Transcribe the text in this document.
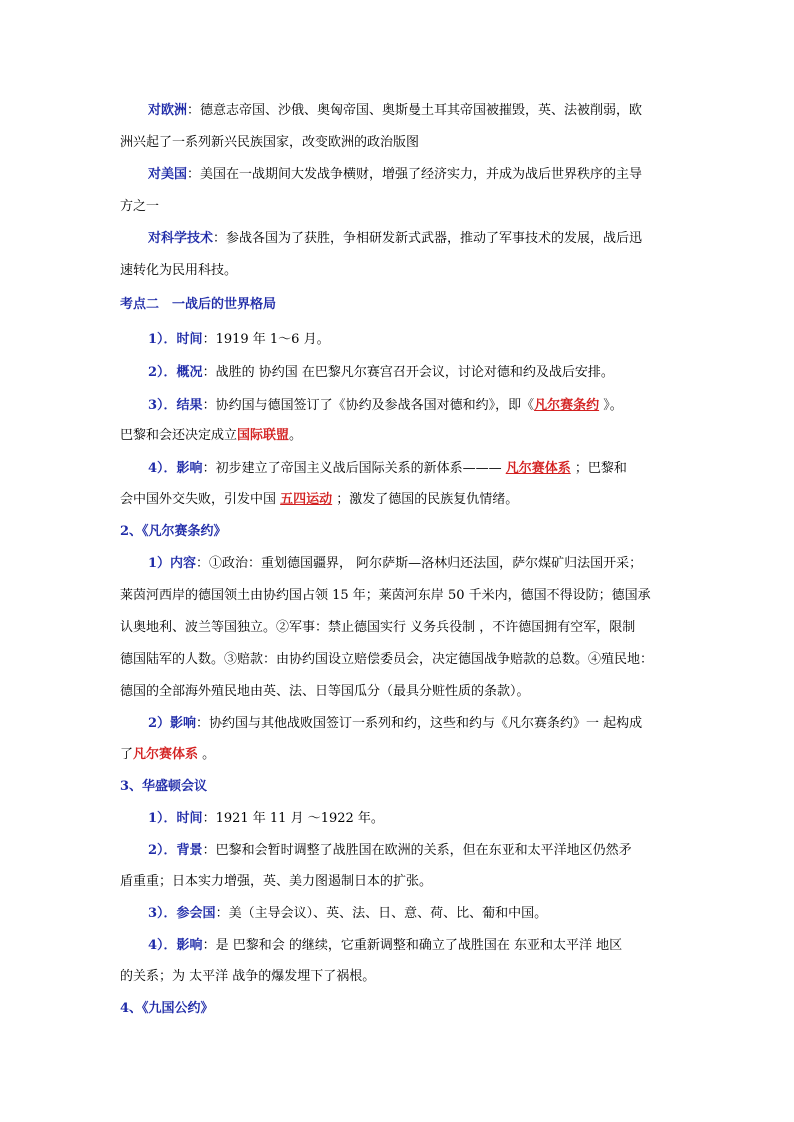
对欧洲：德意志帝国、沙俄、奥匈帝国、奥斯曼土耳其帝国被摧毁，英、法被削弱，欧
洲兴起了一系列新兴民族国家，改变欧洲的政治版图
对美国：美国在一战期间大发战争横财，增强了经济实力，并成为战后世界秩序的主导
方之一
对科学技术：参战各国为了获胜，争相研发新式武器，推动了军事技术的发展，战后迅
速转化为民用科技。
考点二　一战后的世界格局
1）．时间：1919 年 1～6 月。
2）．概况：战胜的 协约国 在巴黎凡尔赛宫召开会议，讨论对德和约及战后安排。
3）．结果：协约国与德国签订了《协约及参战各国对德和约》，即《凡尔赛条约 》。
巴黎和会还决定成立国际联盟。
4）．影响：初步建立了帝国主义战后国际关系的新体系——— 凡尔赛体系 ；巴黎和
会中国外交失败，引发中国 五四运动 ；激发了德国的民族复仇情绪。
2、《凡尔赛条约》
1）内容：①政治：重划德国疆界， 阿尔萨斯—洛林归还法国，萨尔煤矿归法国开采；
莱茵河西岸的德国领土由协约国占领 15 年；莱茵河东岸 50 千米内，德国不得设防；德国承
认奥地利、波兰等国独立。②军事：禁止德国实行 义务兵役制 ，不许德国拥有空军，限制
德国陆军的人数。③赔款：由协约国设立赔偿委员会，决定德国战争赔款的总数。④殖民地：
德国的全部海外殖民地由英、法、日等国瓜分（最具分赃性质的条款）。
2）影响：协约国与其他战败国签订一系列和约，这些和约与《凡尔赛条约》一 起构成
了凡尔赛体系 。
3、华盛顿会议
1）．时间：1921 年 11 月 ～1922 年。
2）．背景：巴黎和会暂时调整了战胜国在欧洲的关系，但在东亚和太平洋地区仍然矛
盾重重；日本实力增强，英、美力图遏制日本的扩张。
3）．参会国：美（主导会议）、英、法、日、意、荷、比、葡和中国。
4）．影响：是 巴黎和会 的继续，它重新调整和确立了战胜国在 东亚和太平洋 地区
的关系；为 太平洋 战争的爆发埋下了祸根。
4、《九国公约》
